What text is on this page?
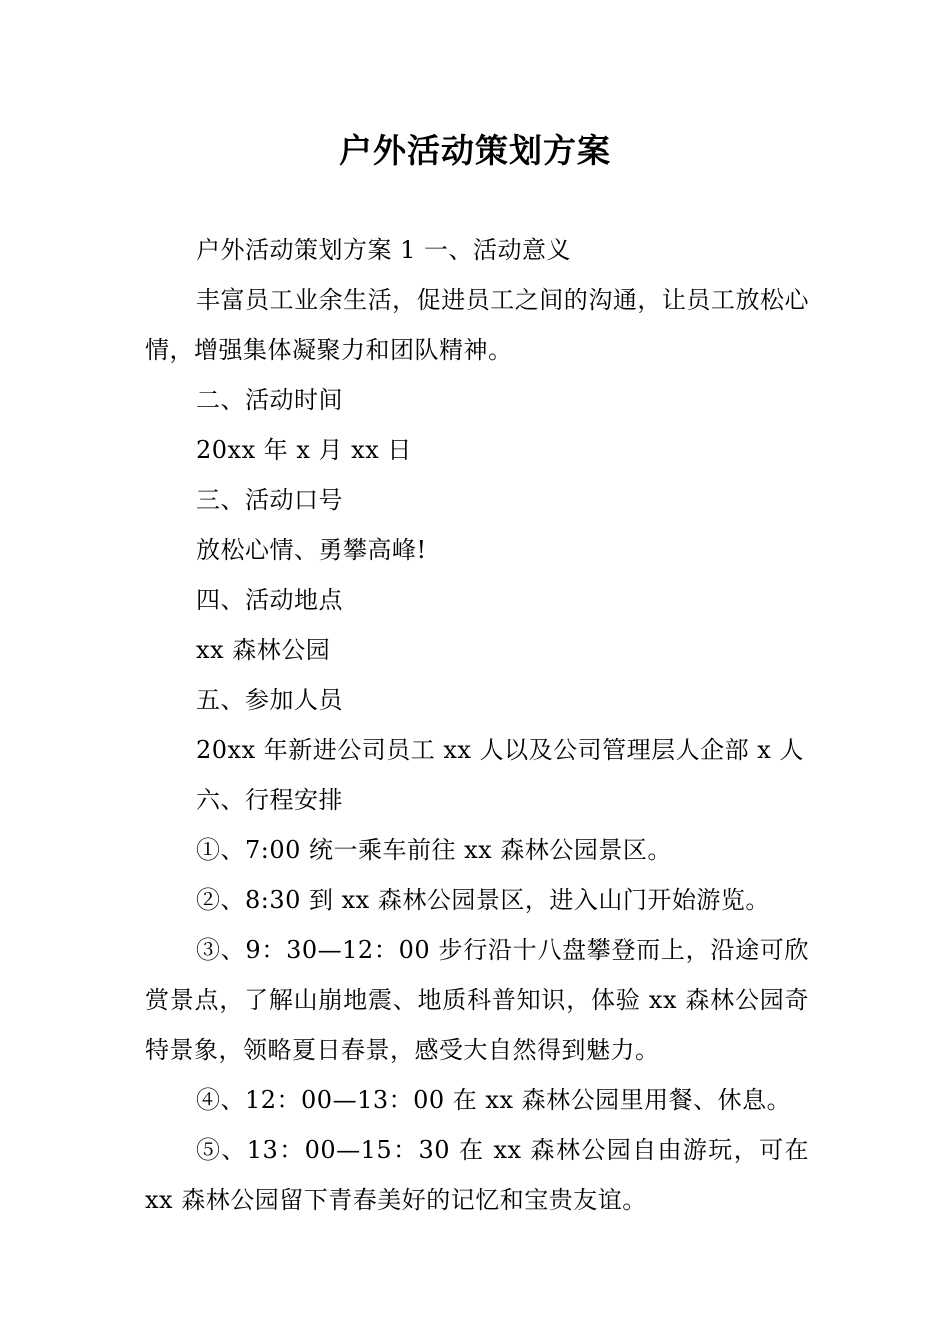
户外活动策划方案

户外活动策划方案 1 一、活动意义

丰富员工业余生活，促进员工之间的沟通，让员工放松心情，增强集体凝聚力和团队精神。

二、活动时间

20xx 年 x 月 xx 日

三、活动口号

放松心情、勇攀高峰!

四、活动地点

xx 森林公园

五、参加人员

20xx 年新进公司员工 xx 人以及公司管理层人企部 x 人

六、行程安排

①、7:00 统一乘车前往 xx 森林公园景区。

②、8:30 到 xx 森林公园景区，进入山门开始游览。

③、9：30—12：00 步行沿十八盘攀登而上，沿途可欣赏景点，了解山崩地震、地质科普知识，体验 xx 森林公园奇特景象，领略夏日春景，感受大自然得到魅力。

④、12：00—13：00 在 xx 森林公园里用餐、休息。

⑤、13：00—15：30 在 xx 森林公园自由游玩，可在 xx 森林公园留下青春美好的记忆和宝贵友谊。
